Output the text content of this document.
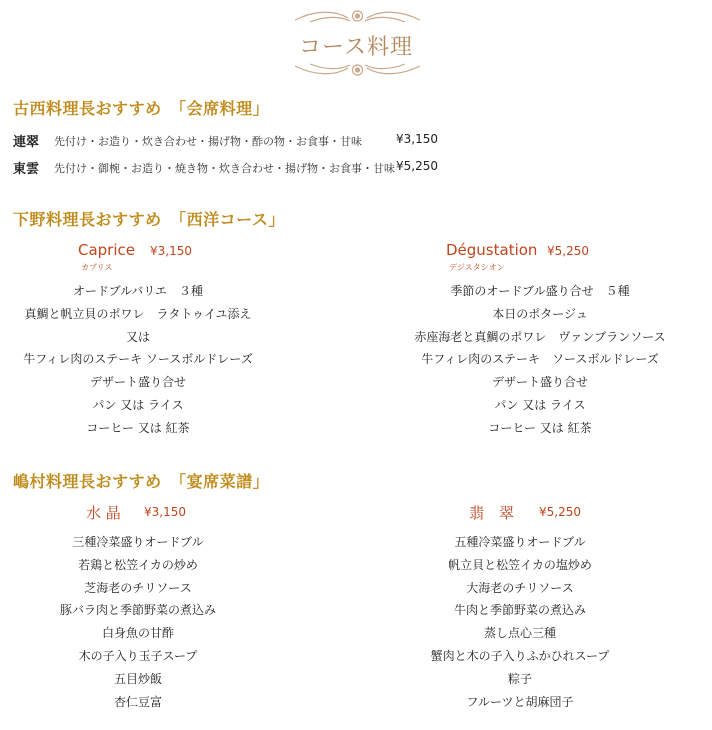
コース料理
古西料理長おすすめ　「会席料理」
連翠 先付け・お造り・炊き合わせ・揚げ物・酢の物・お食事・甘味	¥3,150
東雲 先付け・御椀・お造り・焼き物・炊き合わせ・揚げ物・お食事・甘味 ¥5,250
下野料理長おすすめ　「西洋コース」
Caprice ¥3,150
カプリス
Dégustation ¥5,250
デジスタシオン
オードブルバリエ　３種
真鯛と帆立貝のポワレ　ラタトゥイユ添え
又は
牛フィレ肉のステーキ ソースボルドレーズ
デザート盛り合せ
パン 又は ライス
コーヒー 又は 紅茶
季節のオードブル盛り合せ　５種
本日のポタージュ
赤座海老と真鯛のポワレ　ヴァンブランソース
牛フィレ肉のステーキ　ソースボルドレーズ
デザート盛り合せ
パン 又は ライス
コーヒー 又は 紅茶
嶋村料理長おすすめ　「宴席菜譜」
水 晶 ¥3,150	翡　翠 ¥5,250
三種冷菜盛りオードブル
若鶏と松笠イカの炒め
芝海老のチリソース
豚バラ肉と季節野菜の煮込み
白身魚の甘酢
木の子入り玉子スープ
五目炒飯
杏仁豆富
五種冷菜盛りオードブル
帆立貝と松笠イカの塩炒め
大海老のチリソース
牛肉と季節野菜の煮込み
蒸し点心三種
蟹肉と木の子入りふかひれスープ
粽子
フルーツと胡麻団子
